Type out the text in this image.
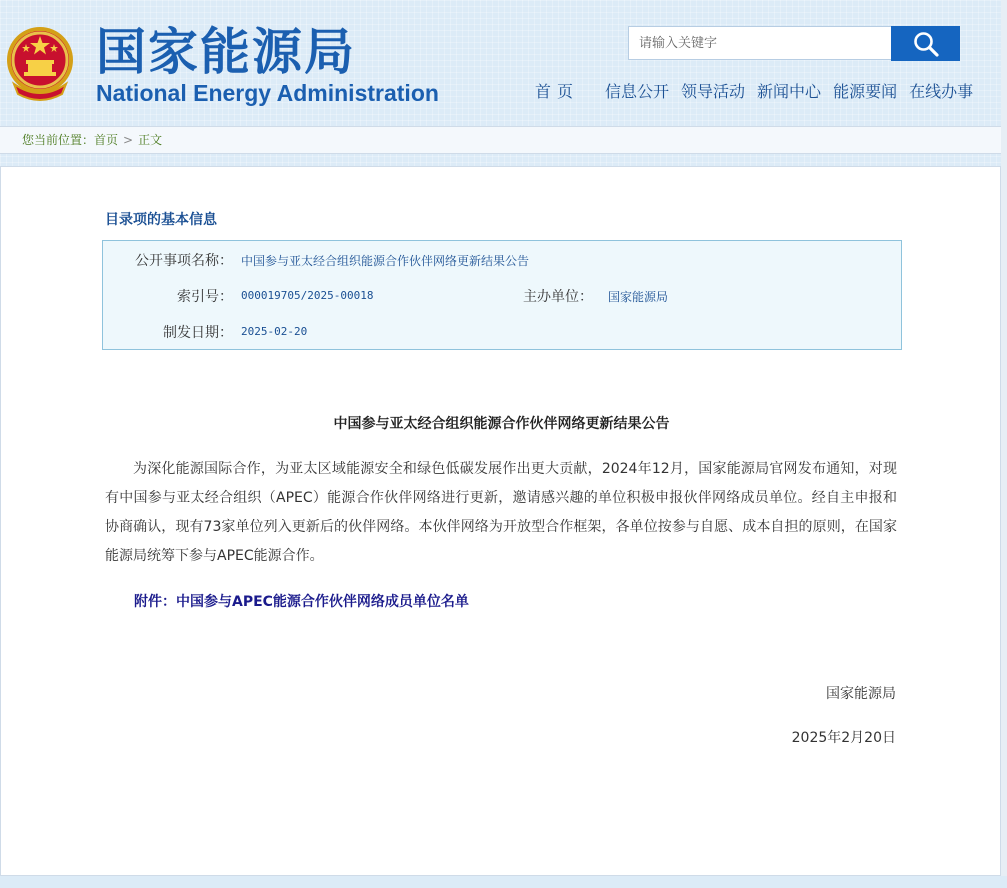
国家能源局
National Energy Administration
请输入关键字	首页 信息公开 领导活动 新闻中心 能源要闻 在线办事
您当前位置：首页 > 正文
目录项的基本信息
公开事项名称： 中国参与亚太经合组织能源合作伙伴网络更新结果公告
索引号： 000019705/2025-00018	主办单位： 国家能源局
制发日期： 2025-02-20
中国参与亚太经合组织能源合作伙伴网络更新结果公告

为深化能源国际合作，为亚太区域能源安全和绿色低碳发展作出更大贡献，2024年12月，国家能源局官网发布通知，对现有中国参与亚太经合组织（APEC）能源合作伙伴网络进行更新，邀请感兴趣的单位积极申报伙伴网络成员单位。经自主申报和协商确认，现有73家单位列入更新后的伙伴网络。本伙伴网络为开放型合作框架，各单位按参与自愿、成本自担的原则，在国家能源局统筹下参与APEC能源合作。

附件：中国参与APEC能源合作伙伴网络成员单位名单
国家能源局
2025年2月20日
